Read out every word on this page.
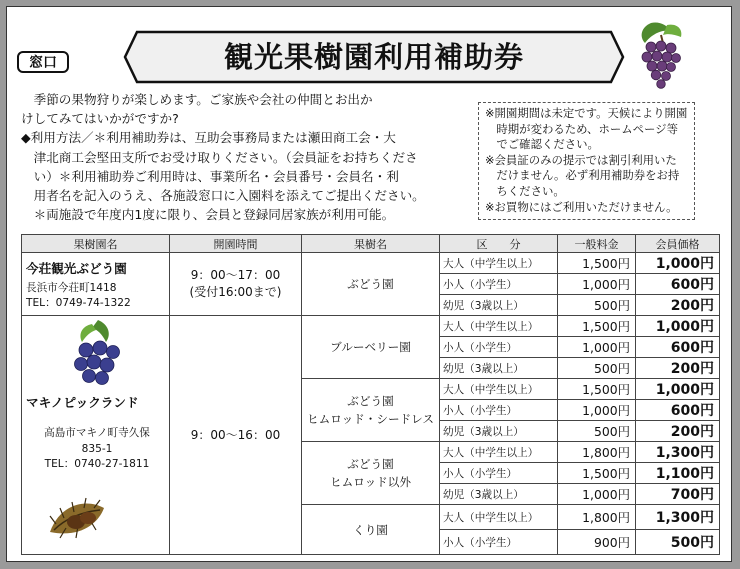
窓口	観光果樹園利用補助券

　季節の果物狩りが楽しめます。ご家族や会社の仲間とお出か

けしてみてはいかがですか?

◆利用方法／＊利用補助券は、互助会事務局または瀬田商工会・大

津北商工会堅田支所でお受け取りください。（会員証をお持ちくださ

い）＊利用補助券ご利用時は、事業所名・会員番号・会員名・利

用者名を記入のうえ、各施設窓口に入園料を添えてご提出ください。

＊両施設で年度内1度に限り、会員と登録同居家族が利用可能。

※開園期間は未定です。天候により開園時期が変わるため、ホームページ等でご確認ください。

※会員証のみの提示では割引利用いただけません。必ず利用補助券をお持ちください。

※お買物にはご利用いただけません。

果樹園名	開園時間	果樹名	区　　分	一般料金	会員価格

今荘観光ぶどう園
長浜市今荘町1418
TEL：0749-74-1322	9：00～17：00
(受付16:00まで)	ぶどう園	大人（中学生以上）	1,500円	1,000円
			小人（小学生）	1,000円	600円
			幼児（3歳以上）	500円	200円

マキノピックランド
高島市マキノ町寺久保
835-1
TEL：0740-27-1811	9：00～16：00	ブルーベリー園	大人（中学生以上）	1,500円	1,000円
			小人（小学生）	1,000円	600円
			幼児（3歳以上）	500円	200円
		ぶどう園
ヒムロッド・シードレス	大人（中学生以上）	1,500円	1,000円
			小人（小学生）	1,000円	600円
			幼児（3歳以上）	500円	200円
		ぶどう園
ヒムロッド以外	大人（中学生以上）	1,800円	1,300円
			小人（小学生）	1,500円	1,100円
			幼児（3歳以上）	1,000円	700円
		くり園	大人（中学生以上）	1,800円	1,300円
			小人（小学生）	900円	500円
